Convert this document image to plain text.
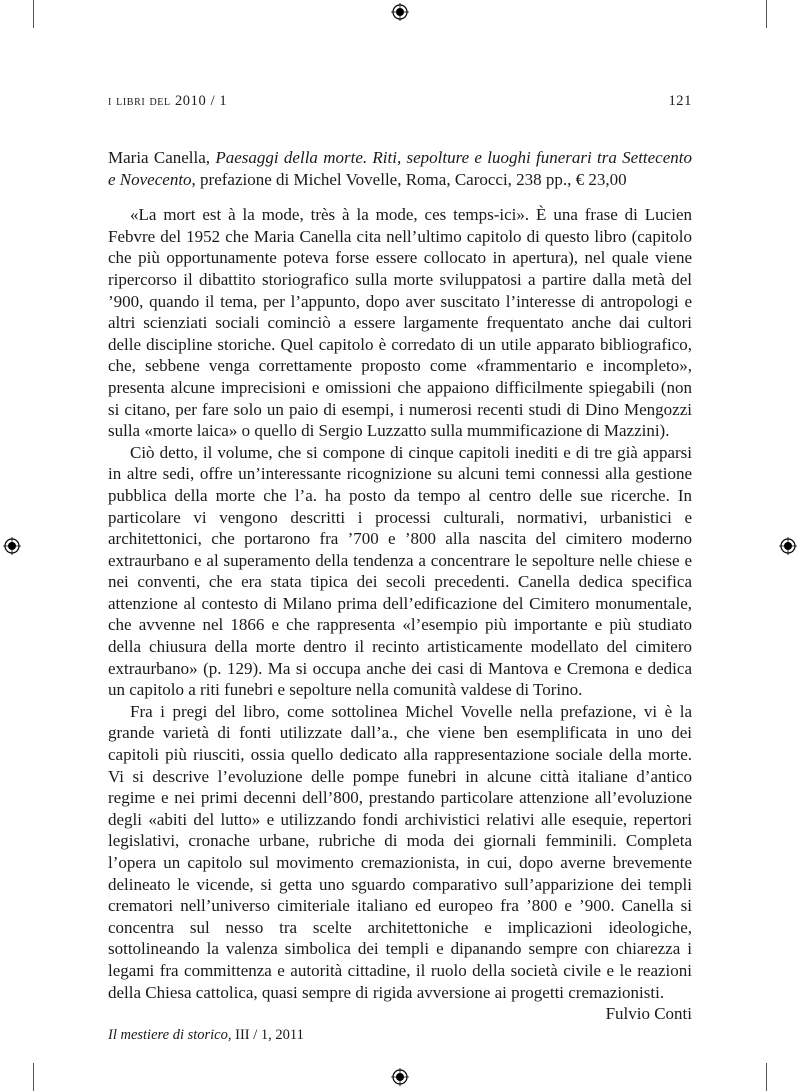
i libri del 2010 / 1	121

Maria Canella, Paesaggi della morte. Riti, sepolture e luoghi funerari tra Settecento e Novecento, prefazione di Michel Vovelle, Roma, Carocci, 238 pp., € 23,00

«La mort est à la mode, très à la mode, ces temps-ici». È una frase di Lucien Febvre del 1952 che Maria Canella cita nell’ultimo capitolo di questo libro (capitolo che più opportunamente poteva forse essere collocato in apertura), nel quale viene ripercorso il dibattito storiografico sulla morte sviluppatosi a partire dalla metà del ’900, quando il tema, per l’appunto, dopo aver suscitato l’interesse di antropologi e altri scienziati sociali cominciò a essere largamente frequentato anche dai cultori delle discipline storiche. Quel capitolo è corredato di un utile apparato bibliografico, che, sebbene venga correttamente proposto come «frammentario e incompleto», presenta alcune imprecisioni e omissioni che appaiono difficilmente spiegabili (non si citano, per fare solo un paio di esempi, i numerosi recenti studi di Dino Mengozzi sulla «morte laica» o quello di Sergio Luzzatto sulla mummificazione di Mazzini).

Ciò detto, il volume, che si compone di cinque capitoli inediti e di tre già apparsi in altre sedi, offre un’interessante ricognizione su alcuni temi connessi alla gestione pubblica della morte che l’a. ha posto da tempo al centro delle sue ricerche. In particolare vi vengono descritti i processi culturali, normativi, urbanistici e architettonici, che portarono fra ’700 e ’800 alla nascita del cimitero moderno extraurbano e al superamento della tendenza a concentrare le sepolture nelle chiese e nei conventi, che era stata tipica dei secoli precedenti. Canella dedica specifica attenzione al contesto di Milano prima dell’edificazione del Cimitero monumentale, che avvenne nel 1866 e che rappresenta «l’esempio più importante e più studiato della chiusura della morte dentro il recinto artisticamente modellato del cimitero extraurbano» (p. 129). Ma si occupa anche dei casi di Mantova e Cremona e dedica un capitolo a riti funebri e sepolture nella comunità valdese di Torino.

Fra i pregi del libro, come sottolinea Michel Vovelle nella prefazione, vi è la grande varietà di fonti utilizzate dall’a., che viene ben esemplificata in uno dei capitoli più riusciti, ossia quello dedicato alla rappresentazione sociale della morte. Vi si descrive l’evoluzione delle pompe funebri in alcune città italiane d’antico regime e nei primi decenni dell’800, prestando particolare attenzione all’evoluzione degli «abiti del lutto» e utilizzando fondi archivistici relativi alle esequie, repertori legislativi, cronache urbane, rubriche di moda dei giornali femminili. Completa l’opera un capitolo sul movimento cremazionista, in cui, dopo averne brevemente delineato le vicende, si getta uno sguardo comparativo sull’apparizione dei templi crematori nell’universo cimiteriale italiano ed europeo fra ’800 e ’900. Canella si concentra sul nesso tra scelte architettoniche e implicazioni ideologiche, sottolineando la valenza simbolica dei templi e dipanando sempre con chiarezza i legami fra committenza e autorità cittadine, il ruolo della società civile e le reazioni della Chiesa cattolica, quasi sempre di rigida avversione ai progetti cremazionisti.

Fulvio Conti

Il mestiere di storico, III / 1, 2011
